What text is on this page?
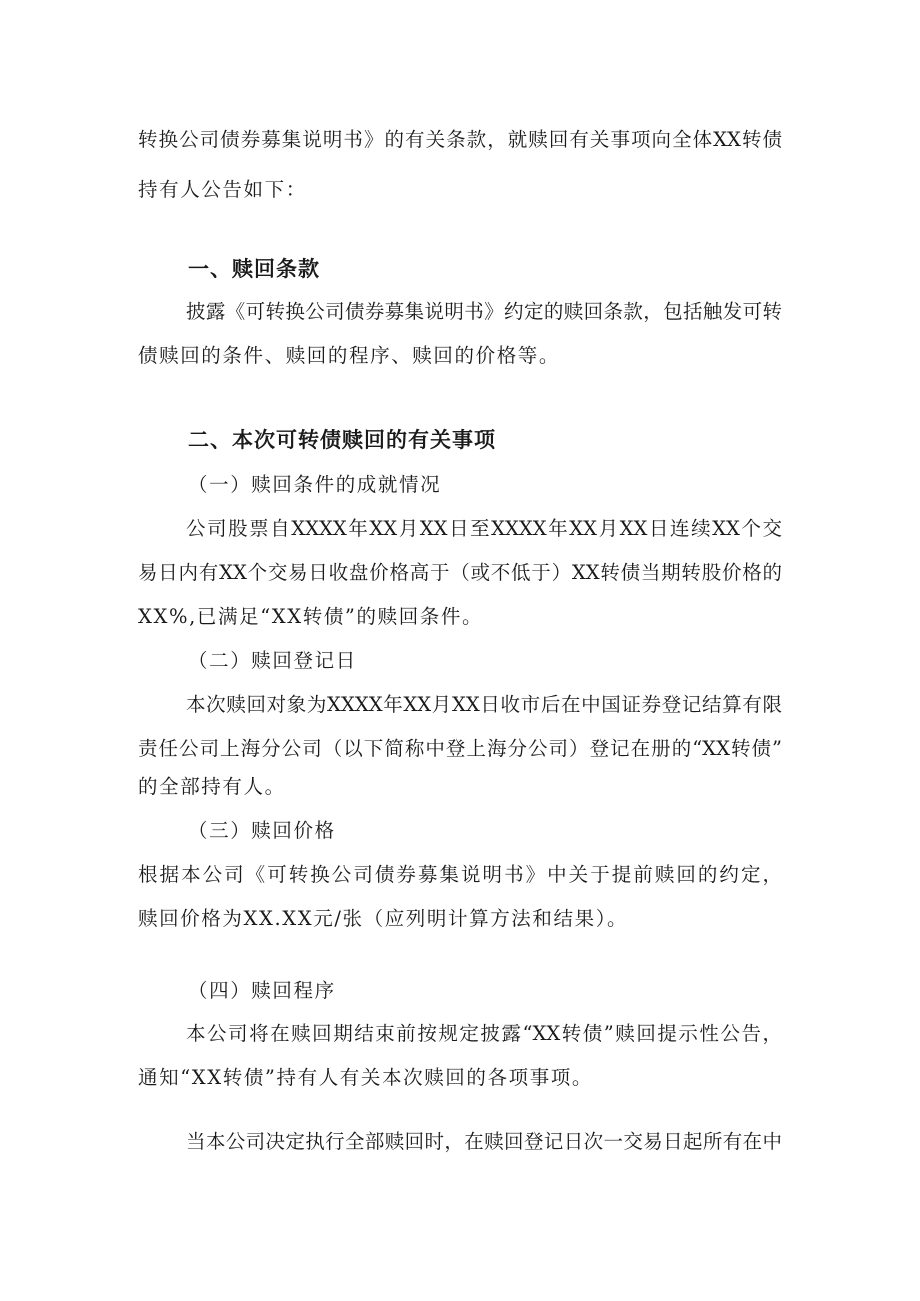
转换公司债券募集说明书》的有关条款，就赎回有关事项向全体XX转债
持有人公告如下：
一、赎回条款
披露《可转换公司债券募集说明书》约定的赎回条款，包括触发可转
债赎回的条件、赎回的程序、赎回的价格等。
二、本次可转债赎回的有关事项
（一）赎回条件的成就情况
公司股票自XXXX年XX月XX日至XXXX年XX月XX日连续XX个交
易日内有XX个交易日收盘价格高于（或不低于）XX转债当期转股价格的
XX%,已满足“XX转债”的赎回条件。
（二）赎回登记日
本次赎回对象为XXXX年XX月XX日收市后在中国证券登记结算有限
责任公司上海分公司（以下简称中登上海分公司）登记在册的“XX转债”
的全部持有人。
（三）赎回价格
根据本公司《可转换公司债券募集说明书》中关于提前赎回的约定，
赎回价格为XX.XX元/张（应列明计算方法和结果）。
（四）赎回程序
本公司将在赎回期结束前按规定披露“XX转债”赎回提示性公告，
通知“XX转债”持有人有关本次赎回的各项事项。
当本公司决定执行全部赎回时，在赎回登记日次一交易日起所有在中
